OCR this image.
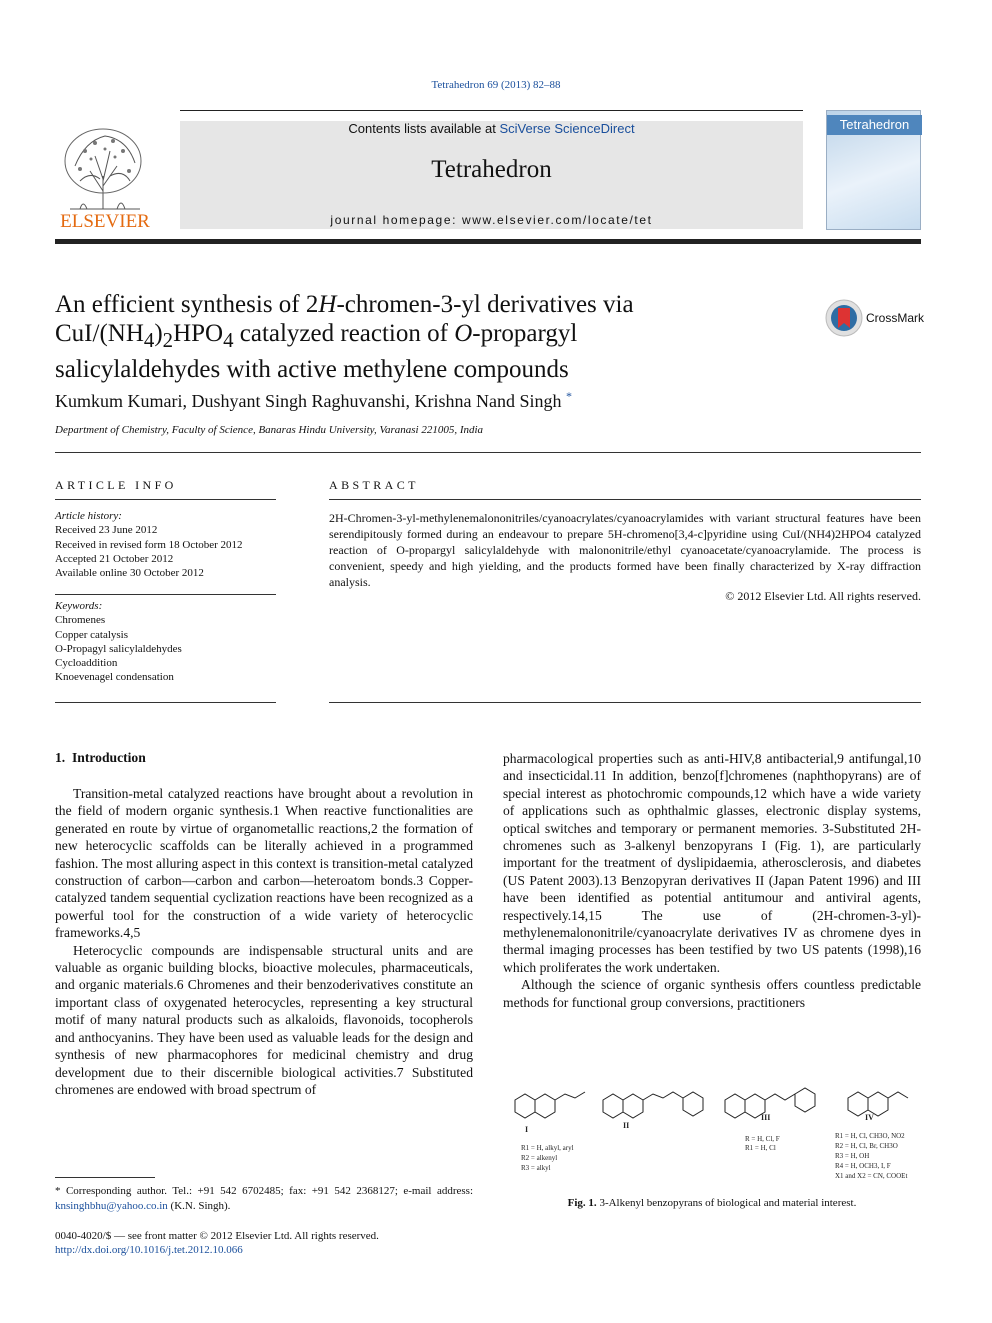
Tetrahedron 69 (2013) 82–88
ELSEVIER
Contents lists available at SciVerse ScienceDirect
Tetrahedron
journal homepage: www.elsevier.com/locate/tet
Tetrahedron
An efficient synthesis of 2H-chromen-3-yl derivatives via CuI/$(NH_4)_2HPO_4$ catalyzed reaction of O-propargyl salicylaldehydes with active methylene compounds
CrossMark
Kumkum Kumari, Dushyant Singh Raghuvanshi, Krishna Nand Singh *
Department of Chemistry, Faculty of Science, Banaras Hindu University, Varanasi 221005, India
ARTICLE INFO	ABSTRACT
Article history:
Received 23 June 2012
Received in revised form 18 October 2012
Accepted 21 October 2012
Available online 30 October 2012
Keywords:
Chromenes
Copper catalysis
O-Propagyl salicylaldehydes
Cycloaddition
Knoevenagel condensation
2H-Chromen-3-yl-methylenemalononitriles/cyanoacrylates/cyanoacrylamides with variant structural features have been serendipitously formed during an endeavour to prepare 5H-chromeno[3,4-c]pyridine using CuI/(NH4)2HPO4 catalyzed reaction of O-propargyl salicylaldehyde with malononitrile/ethyl cyanoacetate/cyanoacrylamide. The process is convenient, speedy and high yielding, and the products formed have been finally characterized by X-ray diffraction analysis.
© 2012 Elsevier Ltd. All rights reserved.
1. Introduction

Transition-metal catalyzed reactions have brought about a revolution in the field of modern organic synthesis.1 When reactive functionalities are generated en route by virtue of organometallic reactions,2 the formation of new heterocyclic scaffolds can be literally achieved in a programmed fashion. The most alluring aspect in this context is transition-metal catalyzed construction of carbon—carbon and carbon—heteroatom bonds.3 Copper-catalyzed tandem sequential cyclization reactions have been recognized as a powerful tool for the construction of a wide variety of heterocyclic frameworks.4,5

Heterocyclic compounds are indispensable structural units and are valuable as organic building blocks, bioactive molecules, pharmaceuticals, and organic materials.6 Chromenes and their benzoderivatives constitute an important class of oxygenated heterocycles, representing a key structural motif of many natural products such as alkaloids, flavonoids, tocopherols and anthocyanins. They have been used as valuable leads for the design and synthesis of new pharmacophores for medicinal chemistry and drug development due to their discernible biological activities.7 Substituted chromenes are endowed with broad spectrum of

pharmacological properties such as anti-HIV,8 antibacterial,9 antifungal,10 and insecticidal.11 In addition, benzo[f]chromenes (naphthopyrans) are of special interest as photochromic compounds,12 which have a wide variety of applications such as ophthalmic glasses, electronic display systems, optical switches and temporary or permanent memories. 3-Substituted 2H-chromenes such as 3-alkenyl benzopyrans I (Fig. 1), are particularly important for the treatment of dyslipidaemia, atherosclerosis, and diabetes (US Patent 2003).13 Benzopyran derivatives II (Japan Patent 1996) and III have been identified as potential antitumour and antiviral agents, respectively.14,15 The use of (2H-chromen-3-yl)-methylenemalononitrile/cyanoacrylate derivatives IV as chromene dyes in thermal imaging processes has been testified by two US patents (1998),16 which proliferates the work undertaken.

Although the science of organic synthesis offers countless predictable methods for functional group conversions, practitioners

I	II
III	IV
R1 = H, alkyl, aryl
R2 = alkenyl
R3 = alkyl
R = H, Cl, F
R1 = H, Cl
R1 = H, Cl, CH3O, NO2
R2 = H, Cl, Br, CH3O
R3 = H, OH
R4 = H, OCH3, I, F
X1 and X2 = CN, COOEt
Fig. 1. 3-Alkenyl benzopyrans of biological and material interest.
* Corresponding author. Tel.: +91 542 6702485; fax: +91 542 2368127; e-mail address: knsinghbhu@yahoo.co.in (K.N. Singh).
0040-4020/$ — see front matter © 2012 Elsevier Ltd. All rights reserved.
http://dx.doi.org/10.1016/j.tet.2012.10.066
